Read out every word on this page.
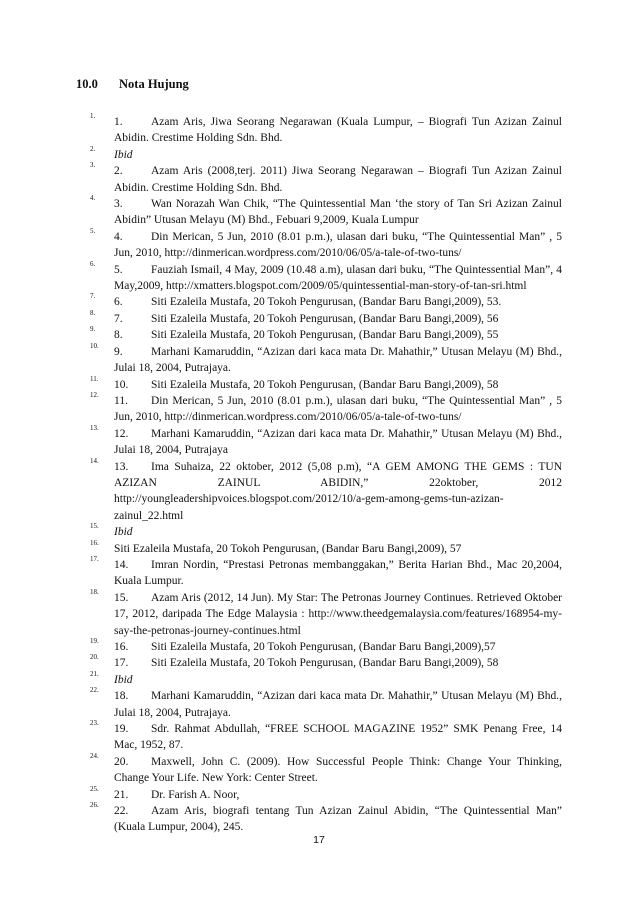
10.0 Nota Hujung
1. 1. Azam Aris, Jiwa Seorang Negarawan (Kuala Lumpur, – Biografi Tun Azizan Zainul Abidin. Crestime Holding Sdn. Bhd.
2. Ibid
3. 2. Azam Aris (2008,terj. 2011) Jiwa Seorang Negarawan – Biografi Tun Azizan Zainul Abidin. Crestime Holding Sdn. Bhd.
4. 3. Wan Norazah Wan Chik, “The Quintessential Man ‘the story of Tan Sri Azizan Zainul Abidin” Utusan Melayu (M) Bhd., Febuari 9,2009, Kuala Lumpur
5. 4. Din Merican, 5 Jun, 2010 (8.01 p.m.), ulasan dari buku, “The Quintessential Man” , 5 Jun, 2010, http://dinmerican.wordpress.com/2010/06/05/a-tale-of-two-tuns/
6. 5. Fauziah Ismail, 4 May, 2009 (10.48 a.m), ulasan dari buku, “The Quintessential Man”, 4 May,2009, http://xmatters.blogspot.com/2009/05/quintessential-man-story-of-tan-sri.html
7. 6. Siti Ezaleila Mustafa, 20 Tokoh Pengurusan, (Bandar Baru Bangi,2009), 53.
8. 7. Siti Ezaleila Mustafa, 20 Tokoh Pengurusan, (Bandar Baru Bangi,2009), 56
9. 8. Siti Ezaleila Mustafa, 20 Tokoh Pengurusan, (Bandar Baru Bangi,2009), 55
10. 9. Marhani Kamaruddin, “Azizan dari kaca mata Dr. Mahathir,” Utusan Melayu (M) Bhd., Julai 18, 2004, Putrajaya.
11. 10. Siti Ezaleila Mustafa, 20 Tokoh Pengurusan, (Bandar Baru Bangi,2009), 58
12. 11. Din Merican, 5 Jun, 2010 (8.01 p.m.), ulasan dari buku, “The Quintessential Man” , 5 Jun, 2010, http://dinmerican.wordpress.com/2010/06/05/a-tale-of-two-tuns/
13. 12. Marhani Kamaruddin, “Azizan dari kaca mata Dr. Mahathir,” Utusan Melayu (M) Bhd., Julai 18, 2004, Putrajaya
14. 13. Ima Suhaiza, 22 oktober, 2012 (5,08 p.m), “A GEM AMONG THE GEMS : TUN AZIZAN ZAINUL ABIDIN,” 22oktober, 2012 http://youngleadershipvoices.blogspot.com/2012/10/a-gem-among-gems-tun-azizan-zainul_22.html
15. Ibid
16. Siti Ezaleila Mustafa, 20 Tokoh Pengurusan, (Bandar Baru Bangi,2009), 57
17. 14. Imran Nordin, “Prestasi Petronas membanggakan,” Berita Harian Bhd., Mac 20,2004, Kuala Lumpur.
18. 15. Azam Aris (2012, 14 Jun). My Star: The Petronas Journey Continues. Retrieved Oktober 17, 2012, daripada The Edge Malaysia : http://www.theedgemalaysia.com/features/168954-my-say-the-petronas-journey-continues.html
19. 16. Siti Ezaleila Mustafa, 20 Tokoh Pengurusan, (Bandar Baru Bangi,2009),57
20. 17. Siti Ezaleila Mustafa, 20 Tokoh Pengurusan, (Bandar Baru Bangi,2009), 58
21. Ibid
22. 18. Marhani Kamaruddin, “Azizan dari kaca mata Dr. Mahathir,” Utusan Melayu (M) Bhd., Julai 18, 2004, Putrajaya.
23. 19. Sdr. Rahmat Abdullah, “FREE SCHOOL MAGAZINE 1952” SMK Penang Free, 14 Mac, 1952, 87.
24. 20. Maxwell, John C. (2009). How Successful People Think: Change Your Thinking, Change Your Life. New York: Center Street.
25. 21. Dr. Farish A. Noor,
26. 22. Azam Aris, biografi tentang Tun Azizan Zainul Abidin, “The Quintessential Man” (Kuala Lumpur, 2004), 245.
17
